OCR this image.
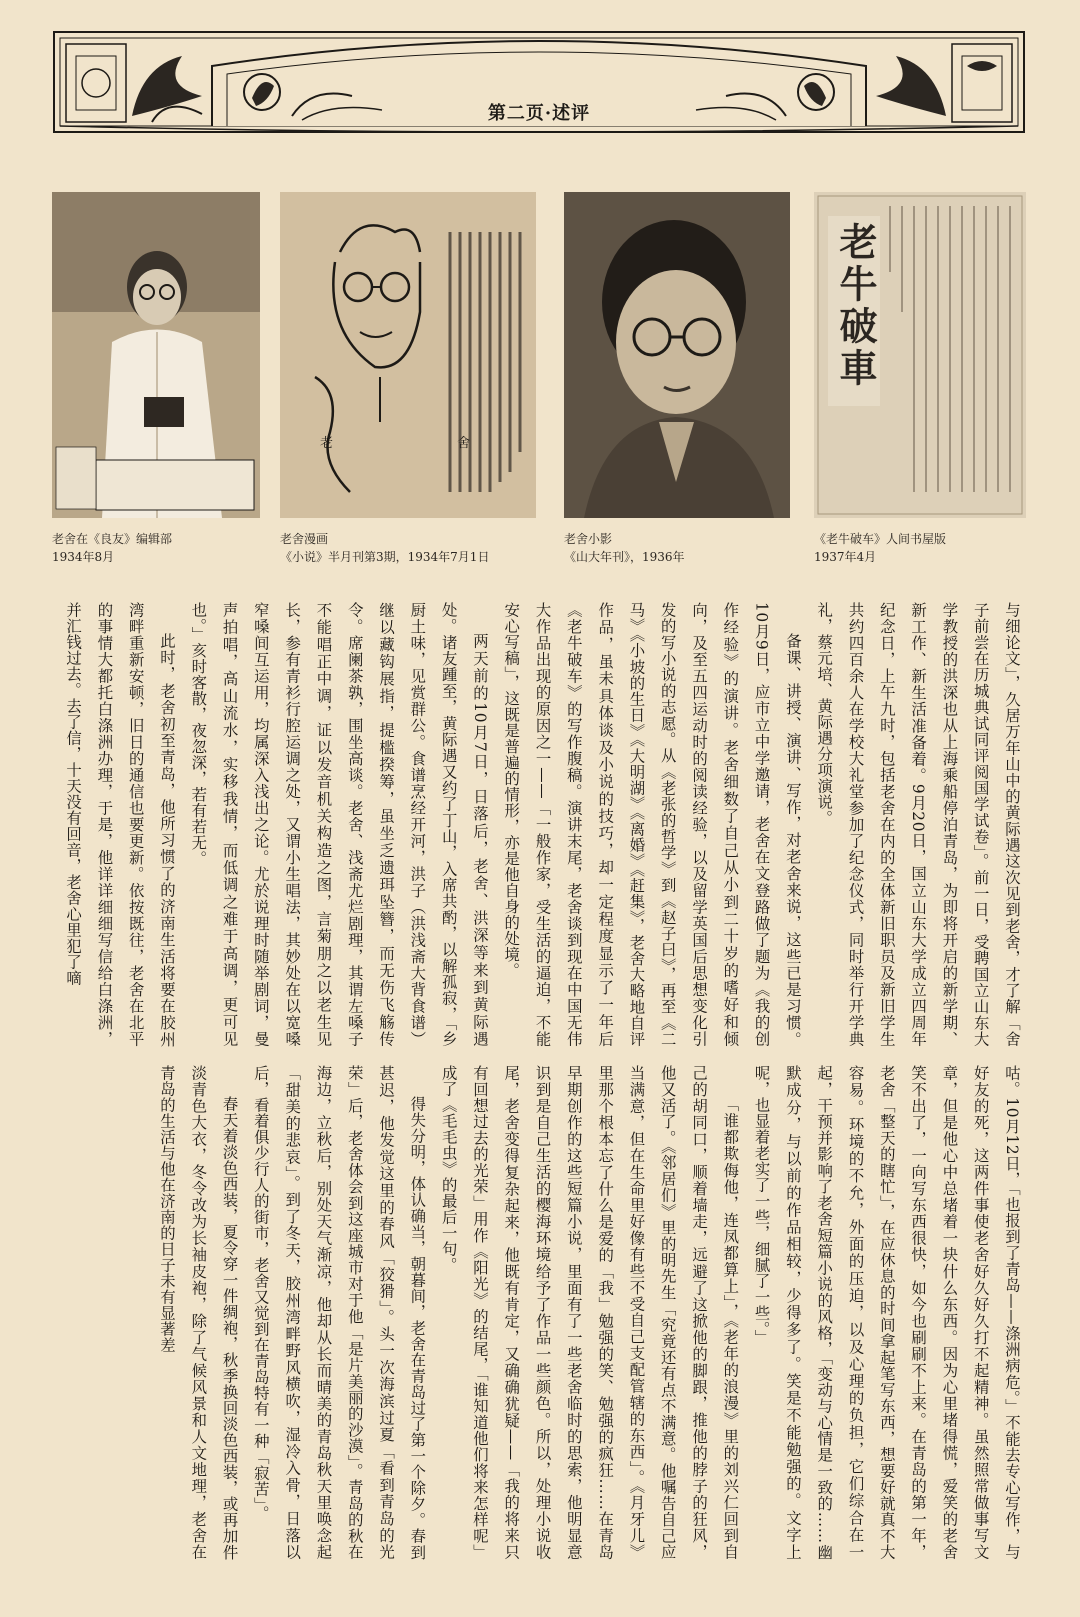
第二页·述评
老 舍
老牛破車
老舍在《良友》编辑部
1934年8月
老舍漫画
《小说》半月刊第3期，1934年7月1日
老舍小影
《山大年刊》，1936年
《老牛破车》人间书屋版
1937年4月
与细论文」，久居万年山中的黄际遇这次见到老舍，才了解「舍子前尝在历城典试同评阅国学试卷」。前一日，受聘国立山东大学教授的洪深也从上海乘船停泊青岛，为即将开启的新学期、新工作、新生活准备着。9月20日，国立山东大学成立四周年纪念日，上午九时，包括老舍在内的全体新旧职员及新旧学生共约四百余人在学校大礼堂参加了纪念仪式，同时举行开学典礼，蔡元培、黄际遇分项演说。
备课、讲授、演讲、写作，对老舍来说，这些已是习惯。10月9日，应市立中学邀请，老舍在文登路做了题为《我的创作经验》的演讲。老舍细数了自己从小到二十岁的嗜好和倾向，及至五四运动时的阅读经验，以及留学英国后思想变化引发的写小说的志愿。从《老张的哲学》到《赵子曰》，再至《二马》《小坡的生日》《大明湖》《离婚》《赶集》，老舍大略地自评作品，虽未具体谈及小说的技巧，却一定程度显示了一年后《老牛破车》的写作腹稿。演讲末尾，老舍谈到现在中国无伟大作品出现的原因之一——「一般作家，受生活的逼迫，不能安心写稿」，这既是普遍的情形，亦是他自身的处境。
两天前的10月7日，日落后，老舍、洪深等来到黄际遇处。诸友踵至，黄际遇又约了丁山，入席共酌，以解孤寂，「乡厨土味，见赏群公。食谱烹经开河，洪子（洪浅斋大背食谱）继以藏钩展指，提槛揆筹，虽坐乏遗珥坠簪，而无伤飞觞传令。席阑茶孰，围坐高谈。老舍、浅斋尤烂剧理，其谓左嗓子不能唱正中调，证以发音机关构造之图，言菊朋之以老生见长，参有青衫行腔运调之处，又谓小生唱法，其妙处在以宽嗓窄嗓间互运用，均属深入浅出之论。尤於说理时随举剧词，曼声拍唱，高山流水，实移我情，而低调之难于高调，更可见也。」亥时客散，夜忽深，若有若无。
此时，老舍初至青岛，他所习惯了的济南生活将要在胶州湾畔重新安顿，旧日的通信也要更新。依按既往，老舍在北平的事情大都托白涤洲办理，于是，他详详细细写信给白涤洲，并汇钱过去。去了信，十天没有回音，老舍心里犯了嘀
咕。10月12日，「也报到了青岛——涤洲病危。」不能去专心写作，与好友的死，这两件事使老舍好久好久打不起精神。虽然照常做事写文章，但是他心中总堵着一块什么东西。因为心里堵得慌，爱笑的老舍笑不出了，一向写东西很快，如今也刷刷不上来。在青岛的第一年，老舍「整天的瞎忙」，在应休息的时间拿起笔写东西，想要好就真不大容易。环境的不允，外面的压迫，以及心理的负担，它们综合在一起，干预并影响了老舍短篇小说的风格，「变动与心情是一致的……幽默成分，与以前的作品相较，少得多了。笑是不能勉强的。文字上呢，也显着老实了一些，细腻了一些。」
「谁都欺侮他，连凤都算上」，《老年的浪漫》里的刘兴仁回到自己的胡同口，顺着墙走，远避了这掀他的脚跟，推他的脖子的狂风，他又活了。《邻居们》里的明先生「究竟还有点不满意。他嘱告自己应当满意，但在生命里好像有些不受自己支配管辖的东西」。《月牙儿》里那个根本忘了什么是爱的「我」勉强的笑、勉强的疯狂……在青岛早期创作的这些短篇小说，里面有了一些老舍临时的思索，他明显意识到是自己生活的樱海环境给予了作品一些颜色。所以，处理小说收尾，老舍变得复杂起来，他既有肯定，又确确犹疑——「我的将来只有回想过去的光荣」用作《阳光》的结尾，「谁知道他们将来怎样呢」成了《毛毛虫》的最后一句。
得失分明，体认确当，朝暮间，老舍在青岛过了第一个除夕。春到甚迟，他发觉这里的春风「狡猾」。头一次海滨过夏「看到青岛的光荣」后，老舍体会到这座城市对于他「是片美丽的沙漠」。青岛的秋在海边，立秋后，别处天气渐凉，他却从长而晴美的青岛秋天里唤念起「甜美的悲哀」。到了冬天，胶州湾畔野风横吹，湿冷入骨，日落以后，看着俱少行人的街市，老舍又觉到在青岛特有一种「寂苦」。
春天着淡色西装，夏令穿一件绸袍，秋季换回淡色西装，或再加件淡青色大衣，冬令改为长袖皮袍，除了气候风景和人文地理，老舍在青岛的生活与他在济南的日子未有显著差
